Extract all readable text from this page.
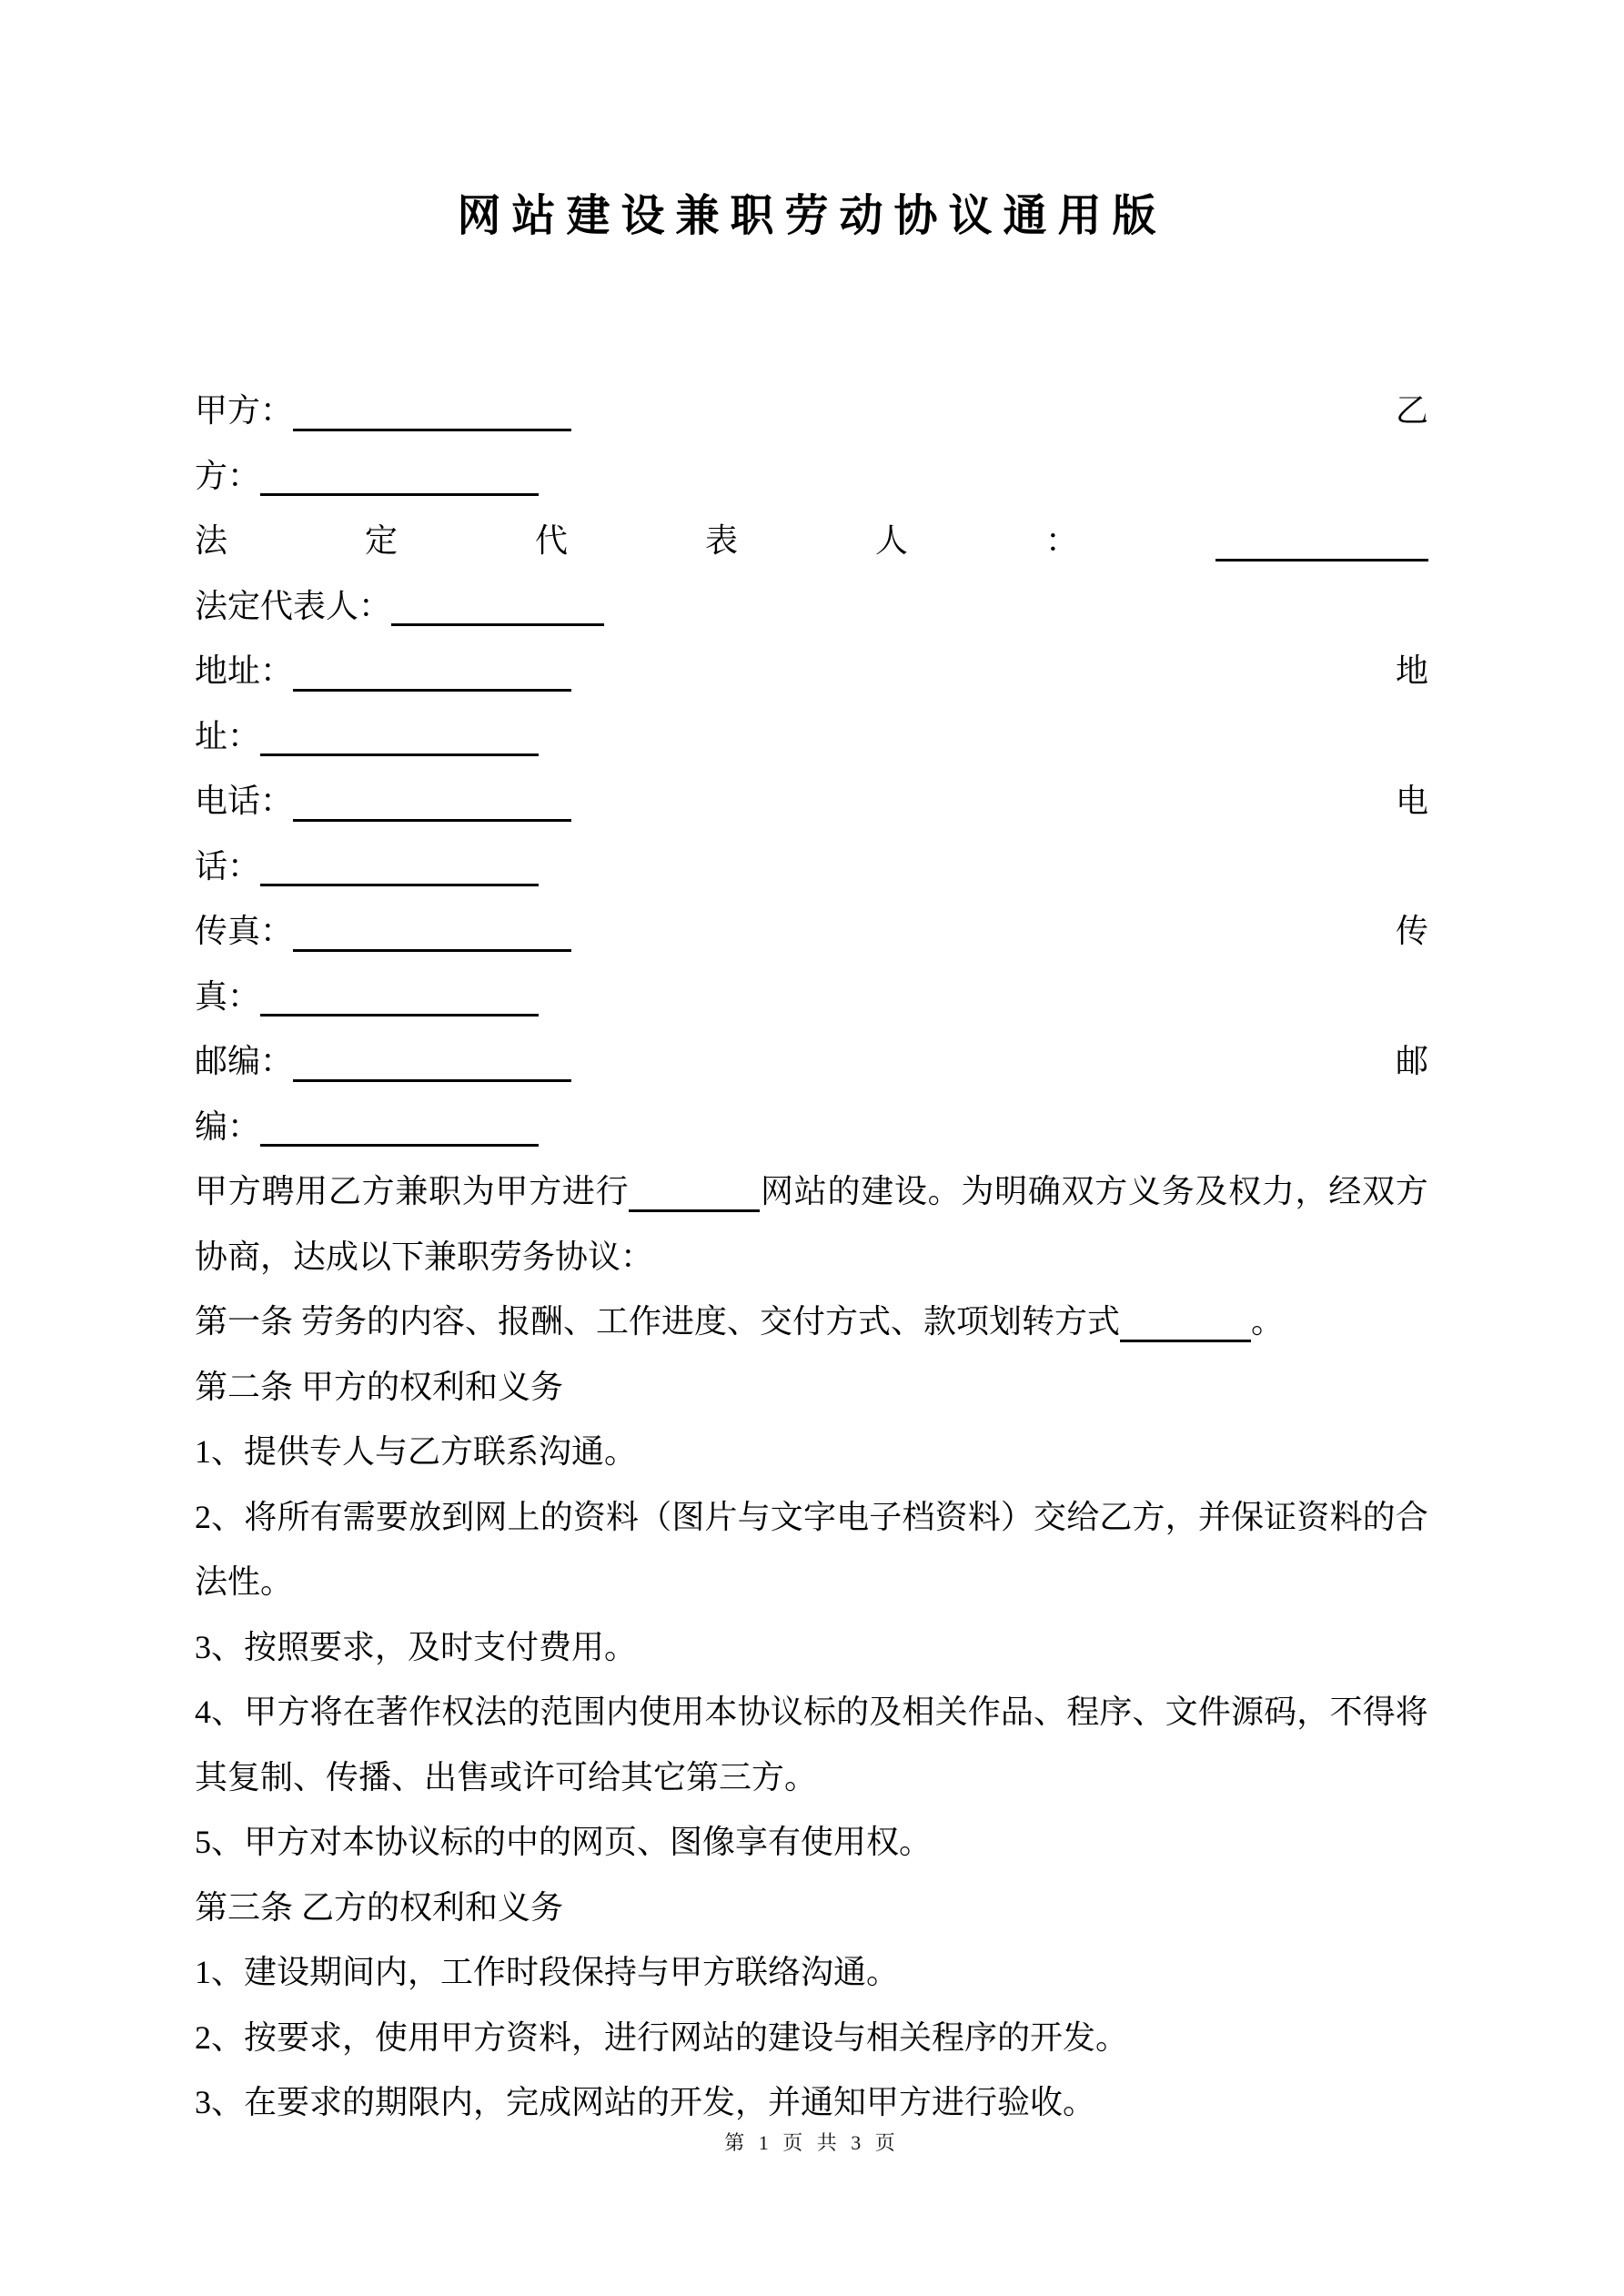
网站建设兼职劳动协议通用版
甲方：	乙
方：
法	定	代	表	人	：
法定代表人：
地址：	地
址：
电话：	电
话：
传真：	传
真：
邮编：	邮
编：
甲 方 聘 用 乙 方 兼 职 为 甲 方 进 行	网 站 的 建 设 。 为 明 确 双 方 义 务 及 权 力 ， 经 双 方
协商，达成以下兼职劳务协议：
第一条 劳务的内容、报酬、工作进度、交付方式、款项划转方式	。
第二条 甲方的权利和义务
1、提供专人与乙方联系沟通。
2 、 将 所 有 需 要 放 到 网 上 的 资 料 （ 图 片 与 文 字 电 子 档 资 料 ） 交 给 乙 方 ， 并 保 证 资 料 的 合
法性。
3、按照要求，及时支付费用。
4 、 甲 方 将 在 著 作 权 法 的 范 围 内 使 用 本 协 议 标 的 及 相 关 作 品 、 程 序 、 文 件 源 码 ， 不 得 将
其复制、传播、出售或许可给其它第三方。
5、甲方对本协议标的中的网页、图像享有使用权。
第三条 乙方的权利和义务
1、建设期间内，工作时段保持与甲方联络沟通。
2、按要求，使用甲方资料，进行网站的建设与相关程序的开发。
3、在要求的期限内，完成网站的开发，并通知甲方进行验收。
第 1 页 共 3 页
